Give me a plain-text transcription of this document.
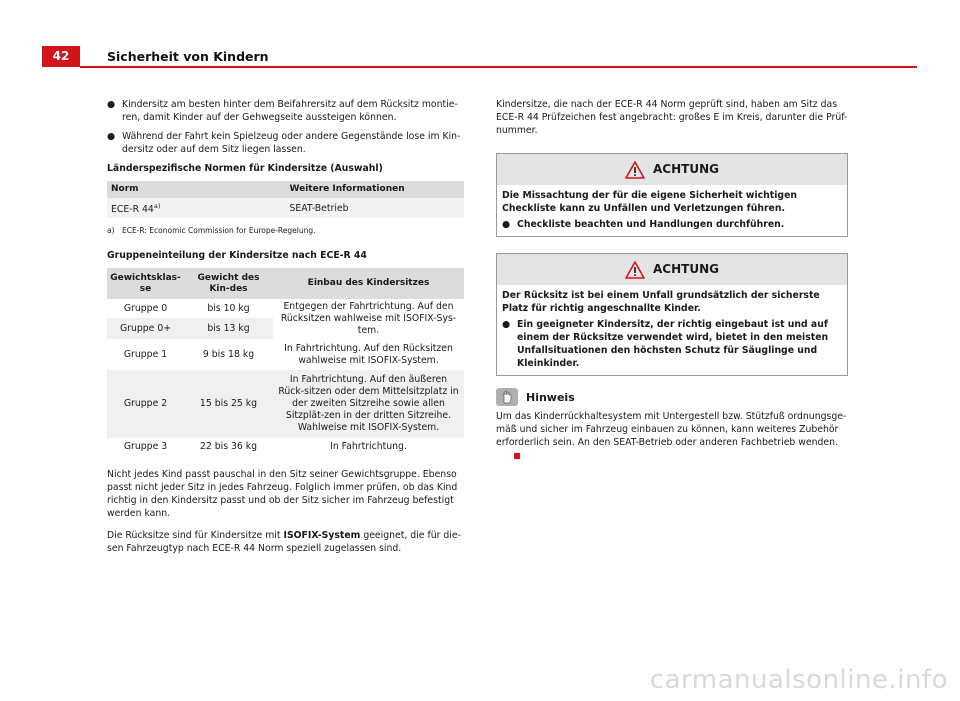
42	Sicherheit von Kindern
● Kindersitz am besten hinter dem Beifahrersitz auf dem Rücksitz montie-ren, damit Kinder auf der Gehwegseite aussteigen können.

● Während der Fahrt kein Spielzeug oder andere Gegenstände lose im Kin-dersitz oder auf dem Sitz liegen lassen.

Länderspezifische Normen für Kindersitze (Auswahl)

Norm	Weitere Informationen
ECE-R 44$^{a)}$	SEAT-Betrieb
a) ECE-R: Economic Commission for Europe-Regelung.

Gruppeneinteilung der Kindersitze nach ECE-R 44

Gewichtsklas-se	Gewicht des Kin-des	Einbau des Kindersitzes
Gruppe 0	bis 10 kg	Entgegen der Fahrtrichtung. Auf den Rücksitzen wahlweise mit ISOFIX-Sys-tem.
Gruppe 0+	bis 13 kg	
Gruppe 1	9 bis 18 kg	In Fahrtrichtung. Auf den Rücksitzen wahlweise mit ISOFIX-System.
Gruppe 2	15 bis 25 kg	In Fahrtrichtung. Auf den äußeren Rück-sitzen oder dem Mittelsitzplatz in der zweiten Sitzreihe sowie allen Sitzplät-zen in der dritten Sitzreihe. Wahlweise mit ISOFIX-System.
Gruppe 3	22 bis 36 kg	In Fahrtrichtung.

Nicht jedes Kind passt pauschal in den Sitz seiner Gewichtsgruppe. Ebenso passt nicht jeder Sitz in jedes Fahrzeug. Folglich immer prüfen, ob das Kind richtig in den Kindersitz passt und ob der Sitz sicher im Fahrzeug befestigt werden kann.

Die Rücksitze sind für Kindersitze mit ISOFIX-System geeignet, die für die-sen Fahrzeugtyp nach ECE-R 44 Norm speziell zugelassen sind.

Kindersitze, die nach der ECE-R 44 Norm geprüft sind, haben am Sitz das ECE-R 44 Prüfzeichen fest angebracht: großes E im Kreis, darunter die Prüf-nummer.

ACHTUNG

Die Missachtung der für die eigene Sicherheit wichtigen Checkliste kann zu Unfällen und Verletzungen führen.

● Checkliste beachten und Handlungen durchführen.

ACHTUNG

Der Rücksitz ist bei einem Unfall grundsätzlich der sicherste Platz für richtig angeschnallte Kinder.

● Ein geeigneter Kindersitz, der richtig eingebaut ist und auf einem der Rücksitze verwendet wird, bietet in den meisten Unfallsituationen den höchsten Schutz für Säuglinge und Kleinkinder.

Hinweis

Um das Kinderrückhaltesystem mit Untergestell bzw. Stützfuß ordnungsge-mäß und sicher im Fahrzeug einbauen zu können, kann weiteres Zubehör erforderlich sein. An den SEAT-Betrieb oder anderen Fachbetrieb wenden.

carmanualsonline.info
